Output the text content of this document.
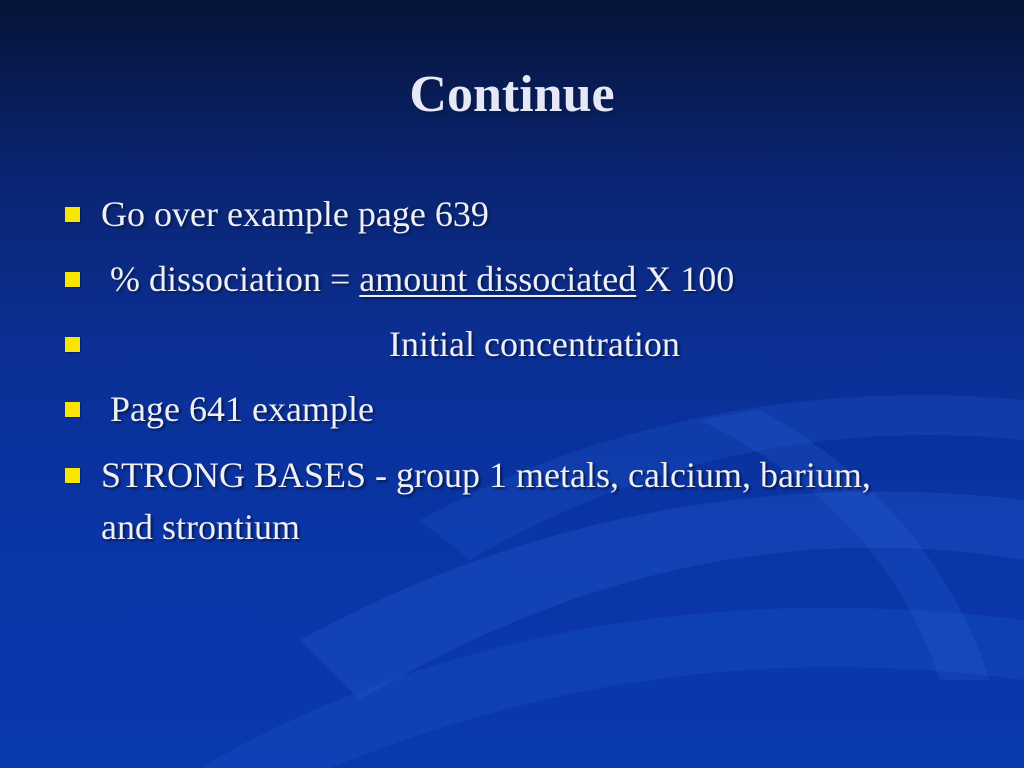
Continue
Go over example page 639
% dissociation = amount dissociated X 100
Initial concentration
Page 641 example
STRONG BASES - group 1 metals, calcium, barium, and strontium
